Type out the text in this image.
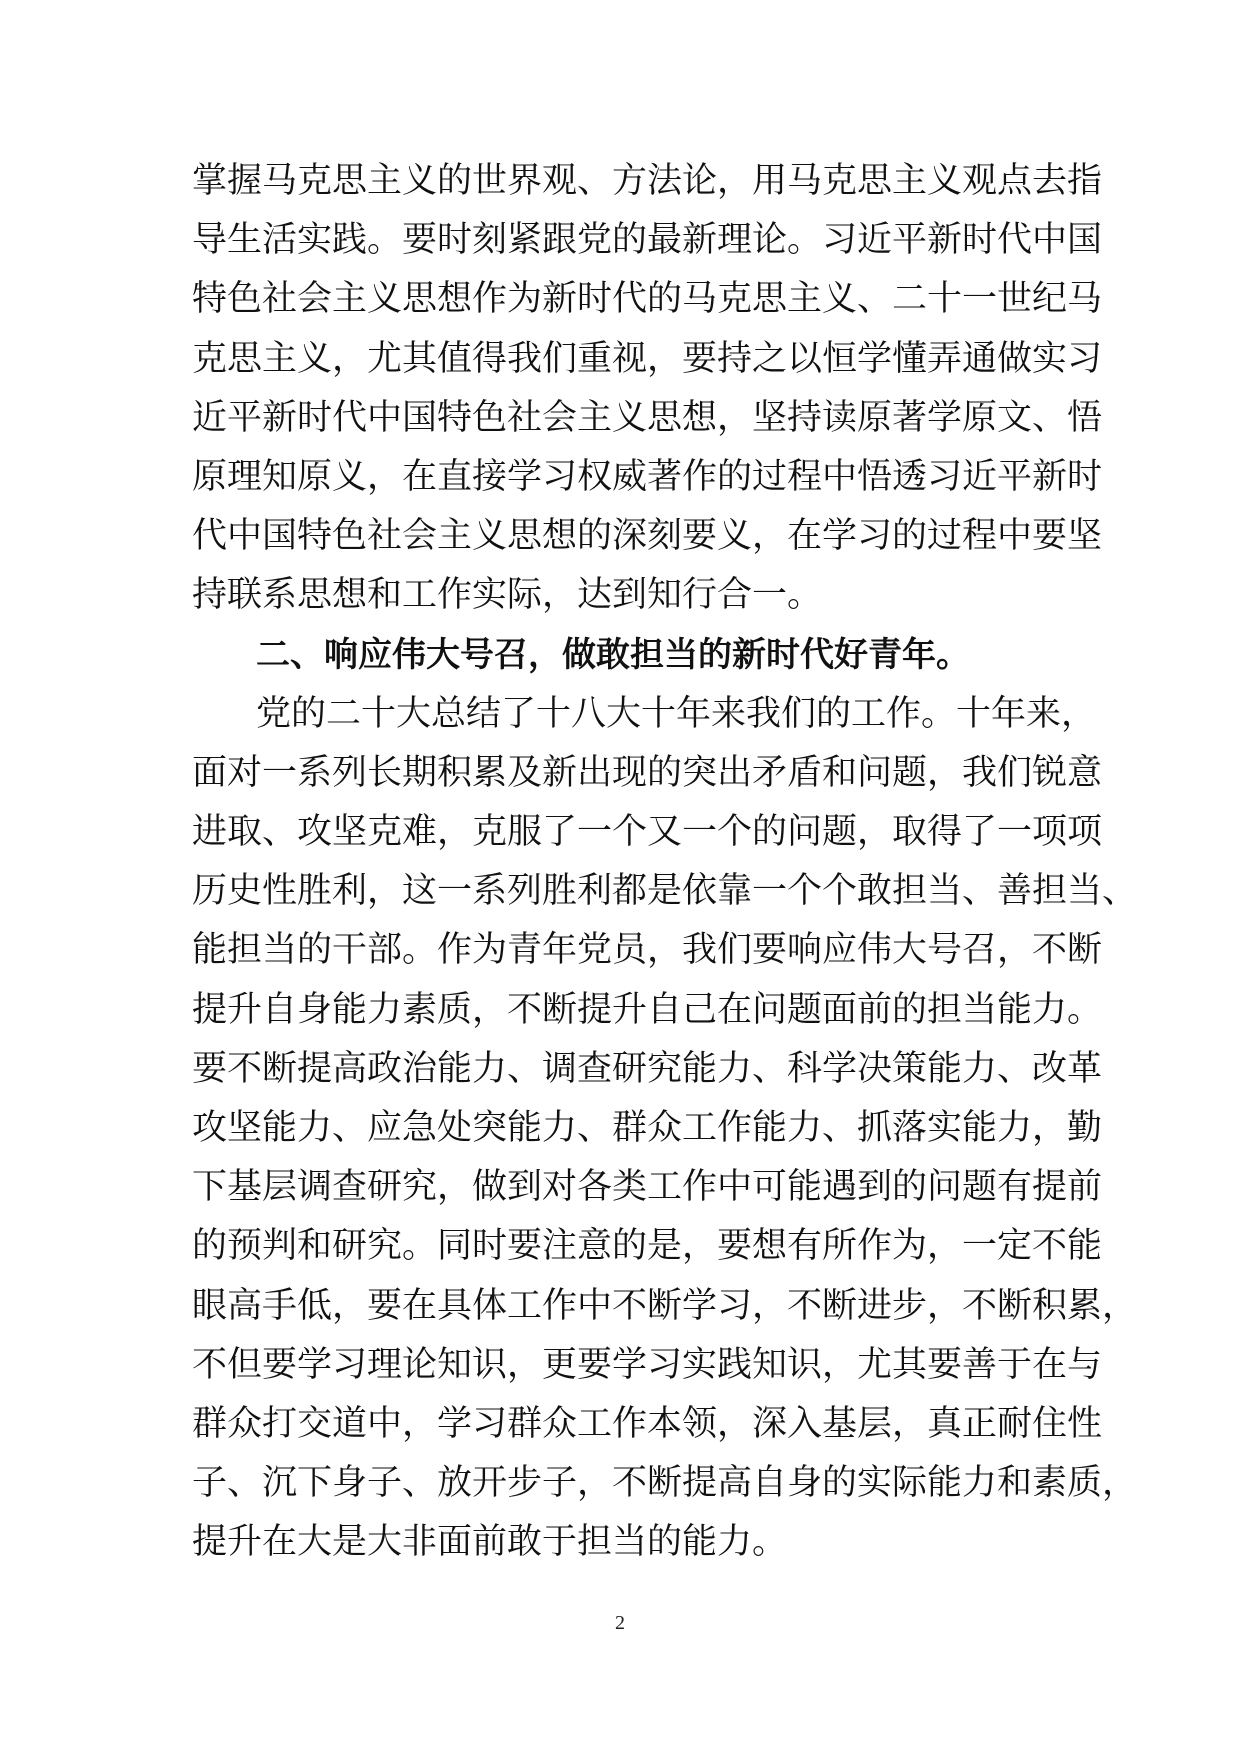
掌握马克思主义的世界观、方法论，用马克思主义观点去指
导生活实践。要时刻紧跟党的最新理论。习近平新时代中国
特色社会主义思想作为新时代的马克思主义、二十一世纪马
克思主义，尤其值得我们重视，要持之以恒学懂弄通做实习
近平新时代中国特色社会主义思想，坚持读原著学原文、悟
原理知原义，在直接学习权威著作的过程中悟透习近平新时
代中国特色社会主义思想的深刻要义，在学习的过程中要坚
持联系思想和工作实际，达到知行合一。
二、响应伟大号召，做敢担当的新时代好青年。
党的二十大总结了十八大十年来我们的工作。十年来，
面对一系列长期积累及新出现的突出矛盾和问题，我们锐意
进取、攻坚克难，克服了一个又一个的问题，取得了一项项
历史性胜利，这一系列胜利都是依靠一个个敢担当、善担当、
能担当的干部。作为青年党员，我们要响应伟大号召，不断
提升自身能力素质，不断提升自己在问题面前的担当能力。
要不断提高政治能力、调查研究能力、科学决策能力、改革
攻坚能力、应急处突能力、群众工作能力、抓落实能力，勤
下基层调查研究，做到对各类工作中可能遇到的问题有提前
的预判和研究。同时要注意的是，要想有所作为，一定不能
眼高手低，要在具体工作中不断学习，不断进步，不断积累，
不但要学习理论知识，更要学习实践知识，尤其要善于在与
群众打交道中，学习群众工作本领，深入基层，真正耐住性
子、沉下身子、放开步子，不断提高自身的实际能力和素质，
提升在大是大非面前敢于担当的能力。
2
